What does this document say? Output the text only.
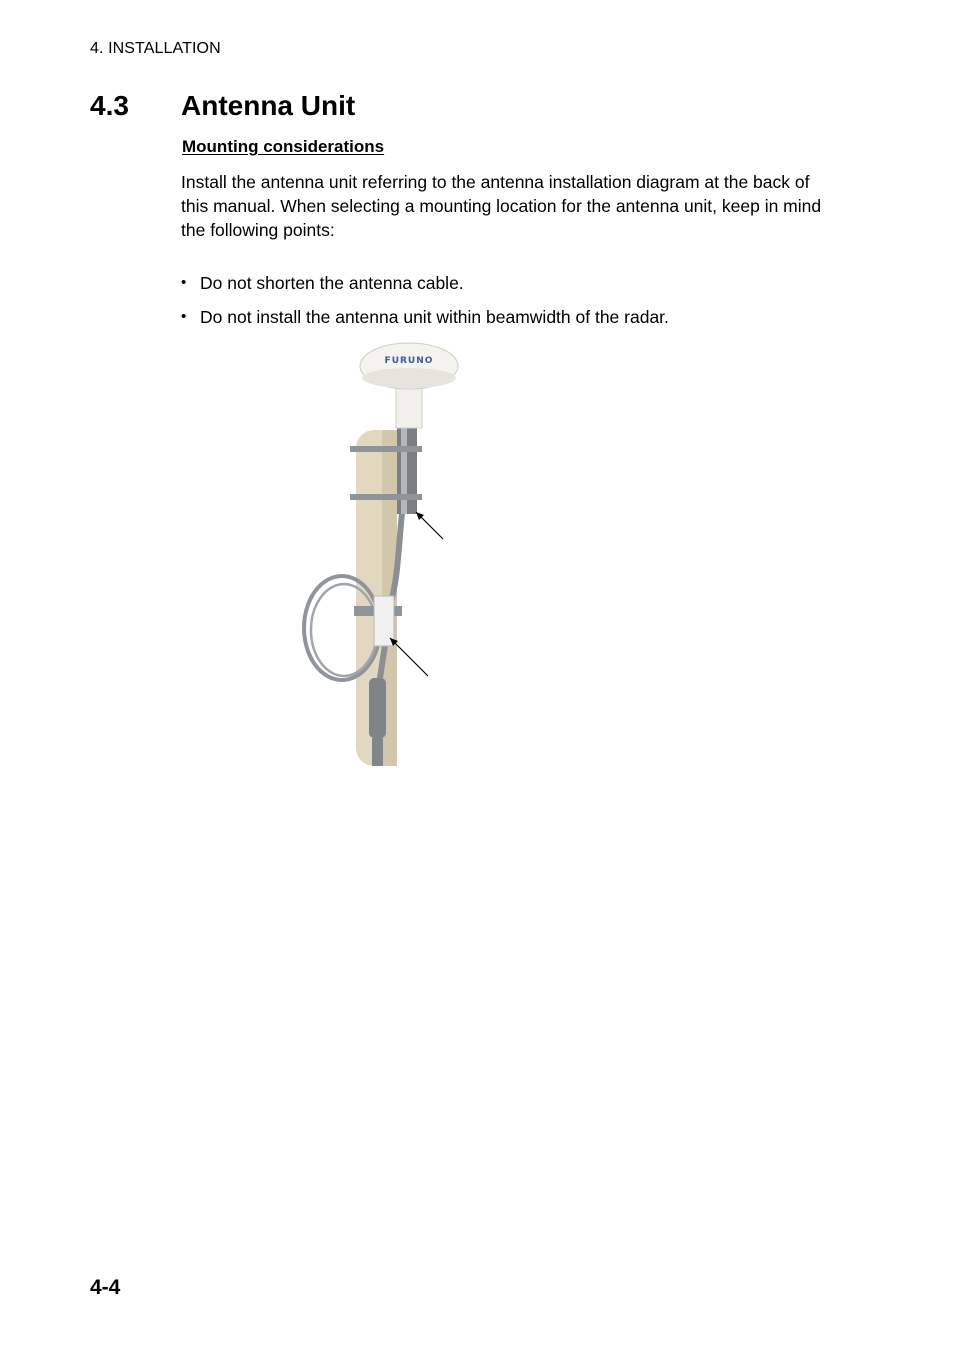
4. INSTALLATION
4.3 Antenna Unit
Mounting considerations

Install the antenna unit referring to the antenna installation diagram at the back of this manual. When selecting a mounting location for the antenna unit, keep in mind the following points:

• Do not shorten the antenna cable.
• Do not install the antenna unit within beamwidth of the radar.
FURUNO
4-4
